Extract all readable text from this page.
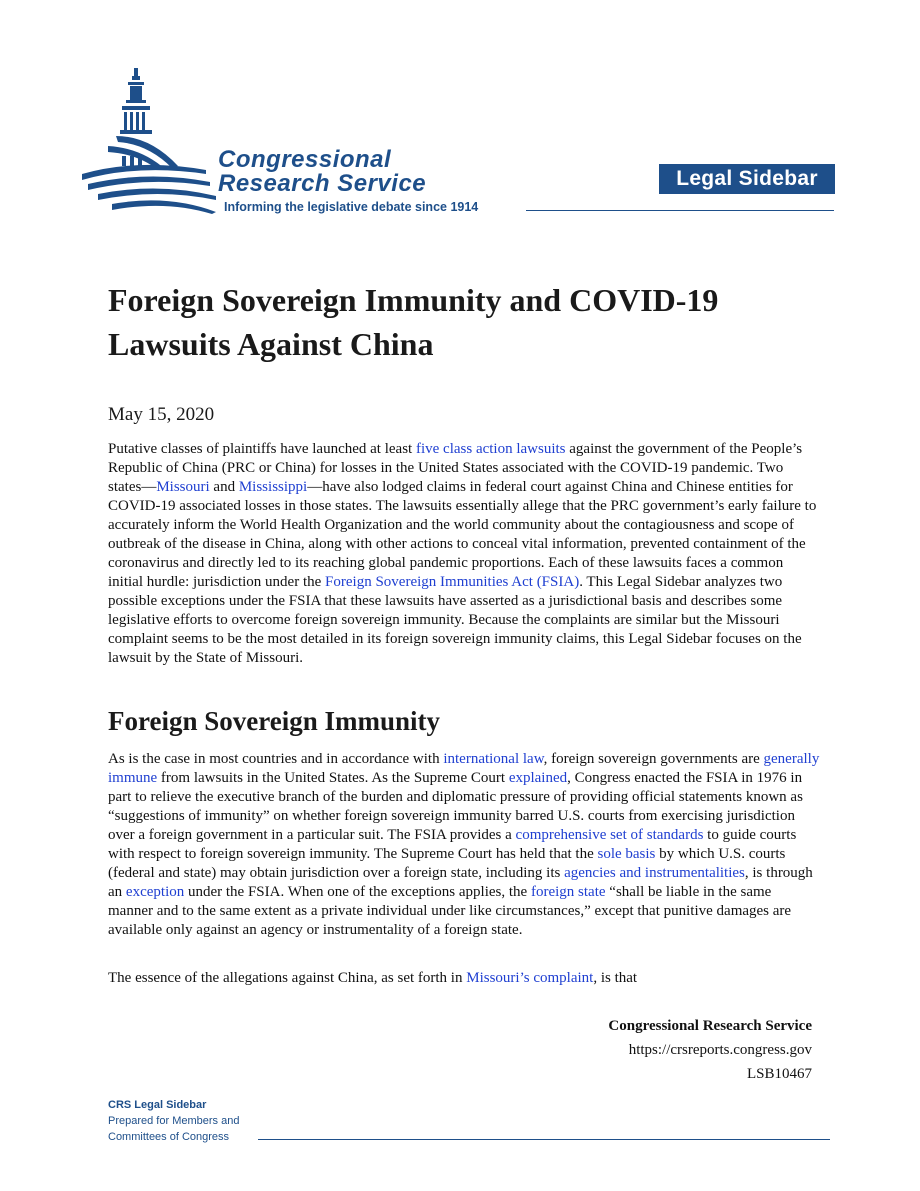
Congressional

Research Service

Informing the legislative debate since 1914

Legal Sidebar
Foreign Sovereign Immunity and COVID-19 Lawsuits Against China

May 15, 2020

Putative classes of plaintiffs have launched at least five class action lawsuits against the government of the People’s Republic of China (PRC or China) for losses in the United States associated with the COVID-19 pandemic. Two states—Missouri and Mississippi—have also lodged claims in federal court against China and Chinese entities for COVID-19 associated losses in those states. The lawsuits essentially allege that the PRC government’s early failure to accurately inform the World Health Organization and the world community about the contagiousness and scope of outbreak of the disease in China, along with other actions to conceal vital information, prevented containment of the coronavirus and directly led to its reaching global pandemic proportions. Each of these lawsuits faces a common initial hurdle: jurisdiction under the Foreign Sovereign Immunities Act (FSIA). This Legal Sidebar analyzes two possible exceptions under the FSIA that these lawsuits have asserted as a jurisdictional basis and describes some legislative efforts to overcome foreign sovereign immunity. Because the complaints are similar but the Missouri complaint seems to be the most detailed in its foreign sovereign immunity claims, this Legal Sidebar focuses on the lawsuit by the State of Missouri.

Foreign Sovereign Immunity

As is the case in most countries and in accordance with international law, foreign sovereign governments are generally immune from lawsuits in the United States. As the Supreme Court explained, Congress enacted the FSIA in 1976 in part to relieve the executive branch of the burden and diplomatic pressure of providing official statements known as “suggestions of immunity” on whether foreign sovereign immunity barred U.S. courts from exercising jurisdiction over a foreign government in a particular suit. The FSIA provides a comprehensive set of standards to guide courts with respect to foreign sovereign immunity. The Supreme Court has held that the sole basis by which U.S. courts (federal and state) may obtain jurisdiction over a foreign state, including its agencies and instrumentalities, is through an exception under the FSIA. When one of the exceptions applies, the foreign state “shall be liable in the same manner and to the same extent as a private individual under like circumstances,” except that punitive damages are available only against an agency or instrumentality of a foreign state.

The essence of the allegations against China, as set forth in Missouri’s complaint, is that

Congressional Research Service
https://crsreports.congress.gov
LSB10467
CRS Legal Sidebar
Prepared for Members and
Committees of Congress
